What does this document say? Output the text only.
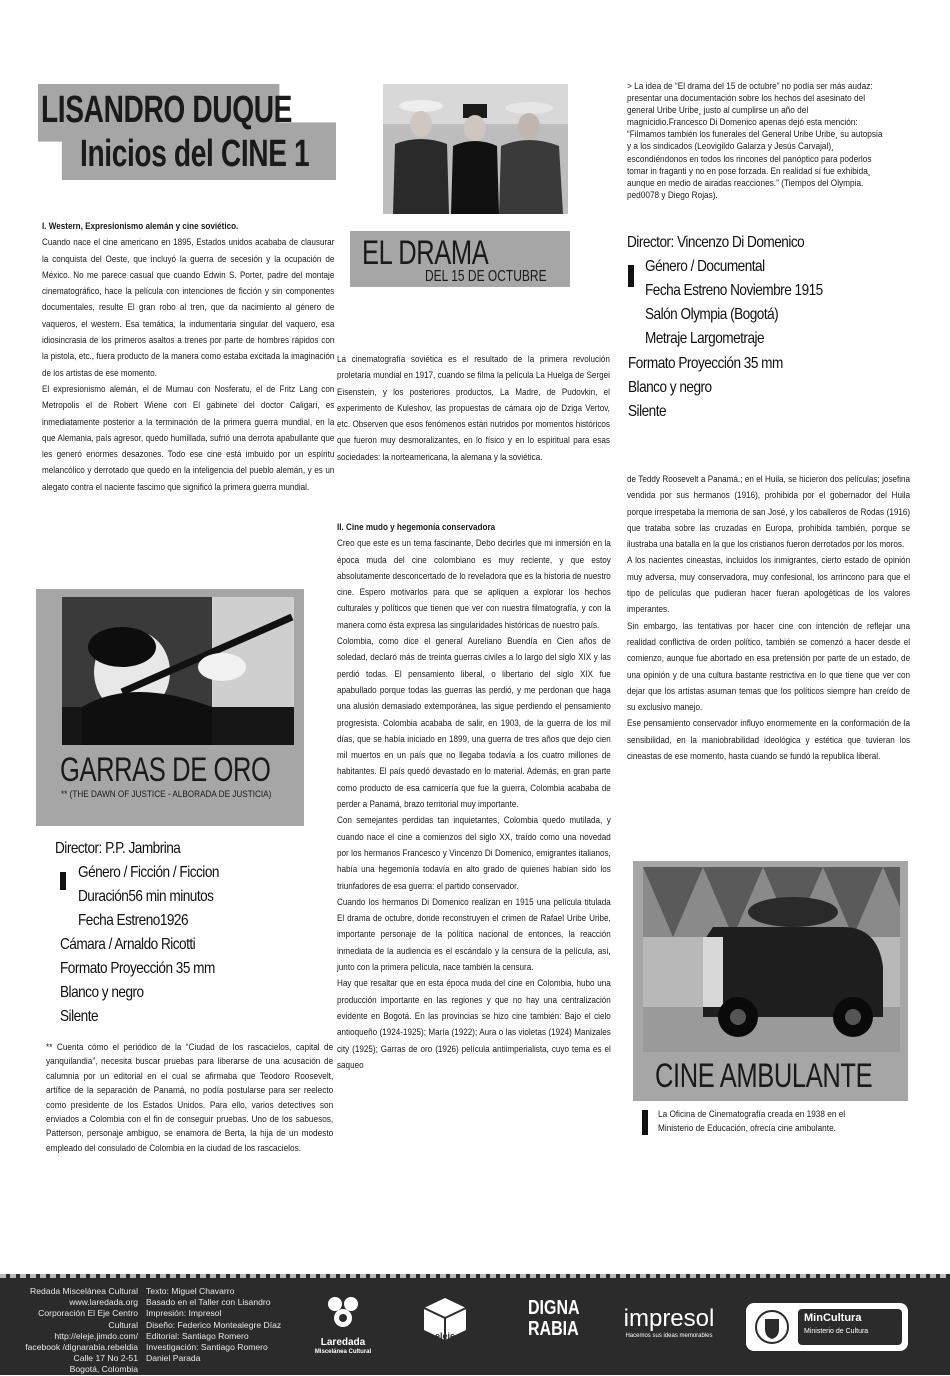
LISANDRO DUQUE
Inicios del CINE 1

I. Western, Expresionismo alemán y cine soviético.

Cuando nace el cine americano en 1895, Estados unidos acababa de clausurar la conquista del Oeste, que incluyó la guerra de secesión y la ocupación de México. No me parece casual que cuando Edwin S. Porter, padre del montaje cinematográfico, hace la película con intenciones de ficción y sin componentes documentales, resulte El gran robo al tren, que da nacimiento al género de vaqueros, el western. Esa temática, la indumentaria singular del vaquero, esa idiosincrasia de los primeros asaltos a trenes por parte de hombres rápidos con la pistola, etc., fuera producto de la manera como estaba excitada la imaginación de los artistas de ese momento.

El expresionismo alemán, el de Murnau con Nosferatu, el de Fritz Lang con Metropolis el de Robert Wiene con El gabinete del doctor Caligari, es inmediatamente posterior a la terminación de la primera guerra mundial, en la que Alemania, país agresor, quedo humillada, sufrió una derrota apabullante que les generó enormes desazones. Todo ese cine está imbuido por un espíritu melancólico y derrotado que quedo en la inteligencia del pueblo alemán, y es un alegato contra el naciente fascimo que significó la primera guerra mundial.

GARRAS DE ORO
** (THE DAWN OF JUSTICE - ALBORADA DE JUSTICIA)
Director: P.P. Jambrina
Género / Ficción / Ficcion
Duración56 min minutos
Fecha Estreno1926
Cámara / Arnaldo Ricotti
Formato Proyección 35 mm
Blanco y negro
Silente
** Cuenta cómo el periódico de la “Ciudad de los rascacielos, capital de yanquilandia”, necesita buscar pruebas para liberarse de una acusación de calumnia por un editorial en el cual se afirmaba que Teodoro Roosevelt, artífice de la separación de Panamá, no podía postularse para ser reelecto como presidente de los Estados Unidos. Para ello, varios detectives son enviados a Colombia con el fin de conseguir pruebas. Uno de los sabuesos, Patterson, personaje ambiguo, se enamora de Berta, la hija de un modesto empleado del consulado de Colombia en la ciudad de los rascacielos.
EL DRAMA
DEL 15 DE OCTUBRE
La cinematografía soviética es el resultado de la primera revolución proletaria mundial en 1917, cuando se filma la película La Huelga de Sergei Eisenstein, y los posteriores productos, La Madre, de Pudovkin, el experimento de Kuleshov, las propuestas de cámara ojo de Dziga Vertov, etc. Observen que esos fenómenos están nutridos por momentos históricos que fueron muy desmoralizantes, en lo físico y en lo espiritual para esas sociedades: la norteamericana, la alemana y la soviética.

II. Cine mudo y hegemonía conservadora

Creo que este es un tema fascinante, Debo decirles que mi inmersión en la época muda del cine colombiano es muy reciente, y que estoy absolutamente desconcertado de lo reveladora que es la historia de nuestro cine. Espero motivarlos para que se apliquen a explorar los hechos culturales y políticos que tienen que ver con nuestra filmatografía, y con la manera como ésta expresa las singularidades históricas de nuestro país.

Colombia, como dice el general Aureliano Buendía en Cien años de soledad, declaró más de treinta guerras civiles a lo largo del siglo XIX y las perdió todas. El pensamiento liberal, o libertario del siglo XIX fue apabullado porque todas las guerras las perdió, y me perdonan que haga una alusión demasiado extemporánea, las sigue perdiendo el pensamiento progresista. Colombia acababa de salir, en 1903, de la guerra de los mil días, que se había iniciado en 1899, una guerra de tres años que dejo cien mil muertos en un país que no llegaba todavía a los cuatro millones de habitantes. El país quedó devastado en lo material. Además, en gran parte como producto de esa carnicería que fue la guerra, Colombia acababa de perder a Panamá, brazo territorial muy importante.

Con semejantes perdidas tan inquietantes, Colombia quedo mutilada, y cuando nace el cine a comienzos del siglo XX, traído como una novedad por los hermanos Francesco y Vincenzo Di Domenico, emigrantes italianos, había una hegemonía todavía en alto grado de quienes habían sido los triunfadores de esa guerra: el partido conservador.

Cuando los hermanos Di Domenico realizan en 1915 una película titulada El drama de octubre, donde reconstruyen el crimen de Rafael Uribe Uribe, importante personaje de la política nacional de entonces, la reacción inmediata de la audiencia es el escándalo y la censura de la película, así, junto con la primera película, nace también la censura.

Hay que resaltar que en esta época muda del cine en Colombia, hubo una producción importante en las regiones y que no hay una centralización evidente en Bogotá. En las provincias se hizo cine también: Bajo el cielo antioqueño (1924-1925); María (1922); Aura o las violetas (1924) Manizales city (1925); Garras de oro (1926) película antiimperialista, cuyo tema es el saqueo

> La idea de “El drama del 15 de octubre” no podía ser más audaz: presentar una documentación sobre los hechos del asesinato del general Uribe Uribe¸ justo al cumplirse un año del magnicidio.Francesco Di Domenico apenas dejó esta mención: “Filmamos también los funerales del General Uribe Uribe¸ su autopsia y a los sindicados (Leovigildo Galarza y Jesús Carvajal)¸ escondiéndonos en todos los rincones del panóptico para poderlos tomar in fraganti y no en pose forzada. En realidad sí fue exhibida¸ aunque en medio de airadas reacciones.” (Tiempos del Olympia. ped0078 y Diego Rojas).
Director: Vincenzo Di Domenico
Género / Documental
Fecha Estreno Noviembre 1915
Salón Olympia (Bogotá)
Metraje Largometraje
Formato Proyección 35 mm
Blanco y negro
Silente

de Teddy Roosevelt a Panamá.; en el Huila, se hicieron dos películas; josefina vendida por sus hermanos (1916), prohibida por el gobernador del Huila porque irrespetaba la memoria de san José, y los caballeros de Rodas (1916) que trataba sobre las cruzadas en Europa, prohibida también, porque se ilustraba una batalla en la que los cristianos fueron derrotados por los moros.

A los nacientes cineastas, incluidos los inmigrantes, cierto estado de opinión muy adversa, muy conservadora, muy confesional, los arrincono para que el tipo de películas que pudieran hacer fueran apologéticas de los valores imperantes.

Sin embargo, las tentativas por hacer cine con intención de reflejar una realidad conflictiva de orden político, también se comenzó a hacer desde el comienzo, aunque fue abortado en esa pretensión por parte de un estado, de una opinión y de una cultura bastante restrictiva en lo que tiene que ver con dejar que los artistas asuman temas que los políticos siempre han creído de su exclusivo manejo.

Ese pensamiento conservador influyo enormemente en la conformación de la sensibilidad, en la maniobrabilidad ideológica y estética que tuvieran los cineastas de ese momento, hasta cuando se fundó la republica liberal.

CINE AMBULANTE
La Oficina de Cinematografía creada en 1938 en el Ministerio de Educación, ofrecía cine ambulante.
Redada Miscelánea Cultural
www.laredada.org
Corporación El Eje Centro Cultural
http://eleje.jimdo.com/
facebook /dignarabia.rebeldia
Calle 17 No 2-51
Bogotá, Colombia
Texto: Miguel Chavarro
Basado en el Taller con Lisandro
Impresión: Impresol
Diseño: Federico Montealegre Díaz
Editorial: Santiago Romero
Investigación: Santiago Romero
Daniel Parada
Laredada
Miscelánea Cultural
eleje
DIGNA
RABIA	impresol
Hacemos sus ideas memorables
MinCultura
Ministerio de Cultura
